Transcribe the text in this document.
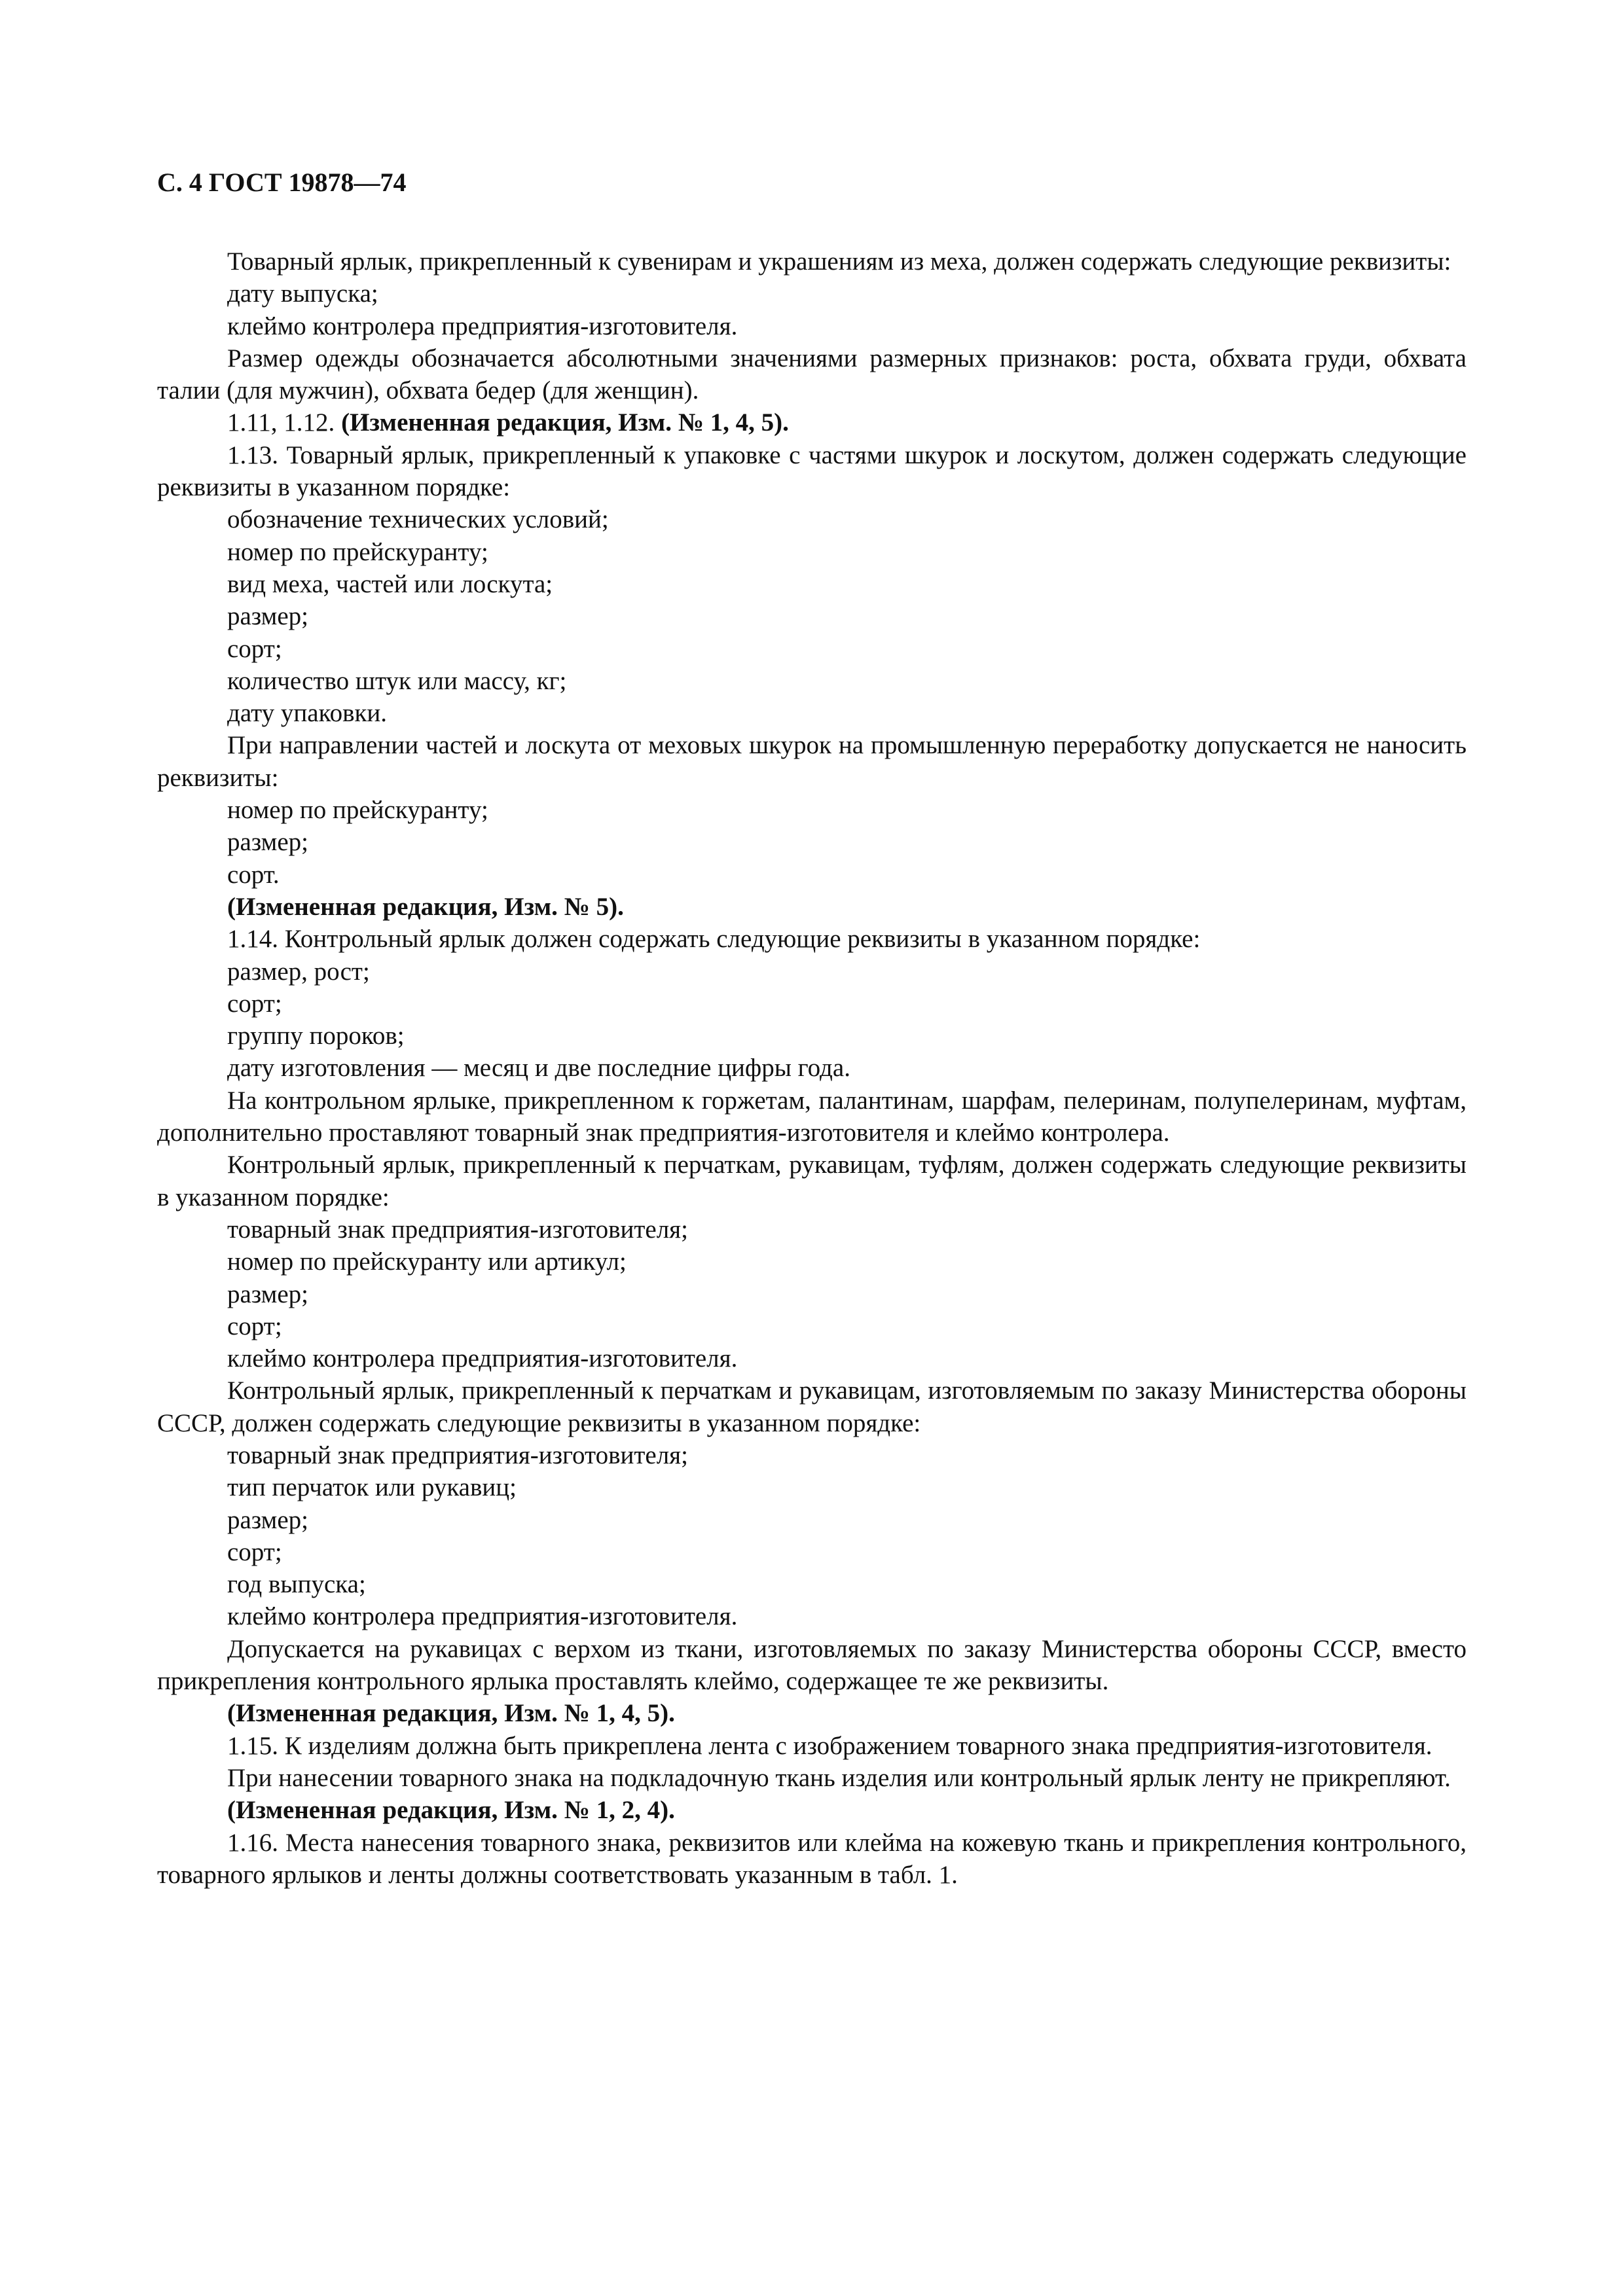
С. 4 ГОСТ 19878—74
Товарный ярлык, прикрепленный к сувенирам и украшениям из меха, должен содержать следующие реквизиты:
дату выпуска;
клеймо контролера предприятия-изготовителя.
Размер одежды обозначается абсолютными значениями размерных признаков: роста, обхвата груди, обхвата талии (для мужчин), обхвата бедер (для женщин).
1.11, 1.12. (Измененная редакция, Изм. № 1, 4, 5).
1.13. Товарный ярлык, прикрепленный к упаковке с частями шкурок и лоскутом, должен содержать следующие реквизиты в указанном порядке:
обозначение технических условий;
номер по прейскуранту;
вид меха, частей или лоскута;
размер;
сорт;
количество штук или массу, кг;
дату упаковки.
При направлении частей и лоскута от меховых шкурок на промышленную переработку допускается не наносить реквизиты:
номер по прейскуранту;
размер;
сорт.
(Измененная редакция, Изм. № 5).
1.14. Контрольный ярлык должен содержать следующие реквизиты в указанном порядке:
размер, рост;
сорт;
группу пороков;
дату изготовления — месяц и две последние цифры года.
На контрольном ярлыке, прикрепленном к горжетам, палантинам, шарфам, пелеринам, полупелеринам, муфтам, дополнительно проставляют товарный знак предприятия-изготовителя и клеймо контролера.
Контрольный ярлык, прикрепленный к перчаткам, рукавицам, туфлям, должен содержать следующие реквизиты в указанном порядке:
товарный знак предприятия-изготовителя;
номер по прейскуранту или артикул;
размер;
сорт;
клеймо контролера предприятия-изготовителя.
Контрольный ярлык, прикрепленный к перчаткам и рукавицам, изготовляемым по заказу Министерства обороны СССР, должен содержать следующие реквизиты в указанном порядке:
товарный знак предприятия-изготовителя;
тип перчаток или рукавиц;
размер;
сорт;
год выпуска;
клеймо контролера предприятия-изготовителя.
Допускается на рукавицах с верхом из ткани, изготовляемых по заказу Министерства обороны СССР, вместо прикрепления контрольного ярлыка проставлять клеймо, содержащее те же реквизиты.
(Измененная редакция, Изм. № 1, 4, 5).
1.15. К изделиям должна быть прикреплена лента с изображением товарного знака предприятия-изготовителя.
При нанесении товарного знака на подкладочную ткань изделия или контрольный ярлык ленту не прикрепляют.
(Измененная редакция, Изм. № 1, 2, 4).
1.16. Места нанесения товарного знака, реквизитов или клейма на кожевую ткань и прикрепления контрольного, товарного ярлыков и ленты должны соответствовать указанным в табл. 1.
